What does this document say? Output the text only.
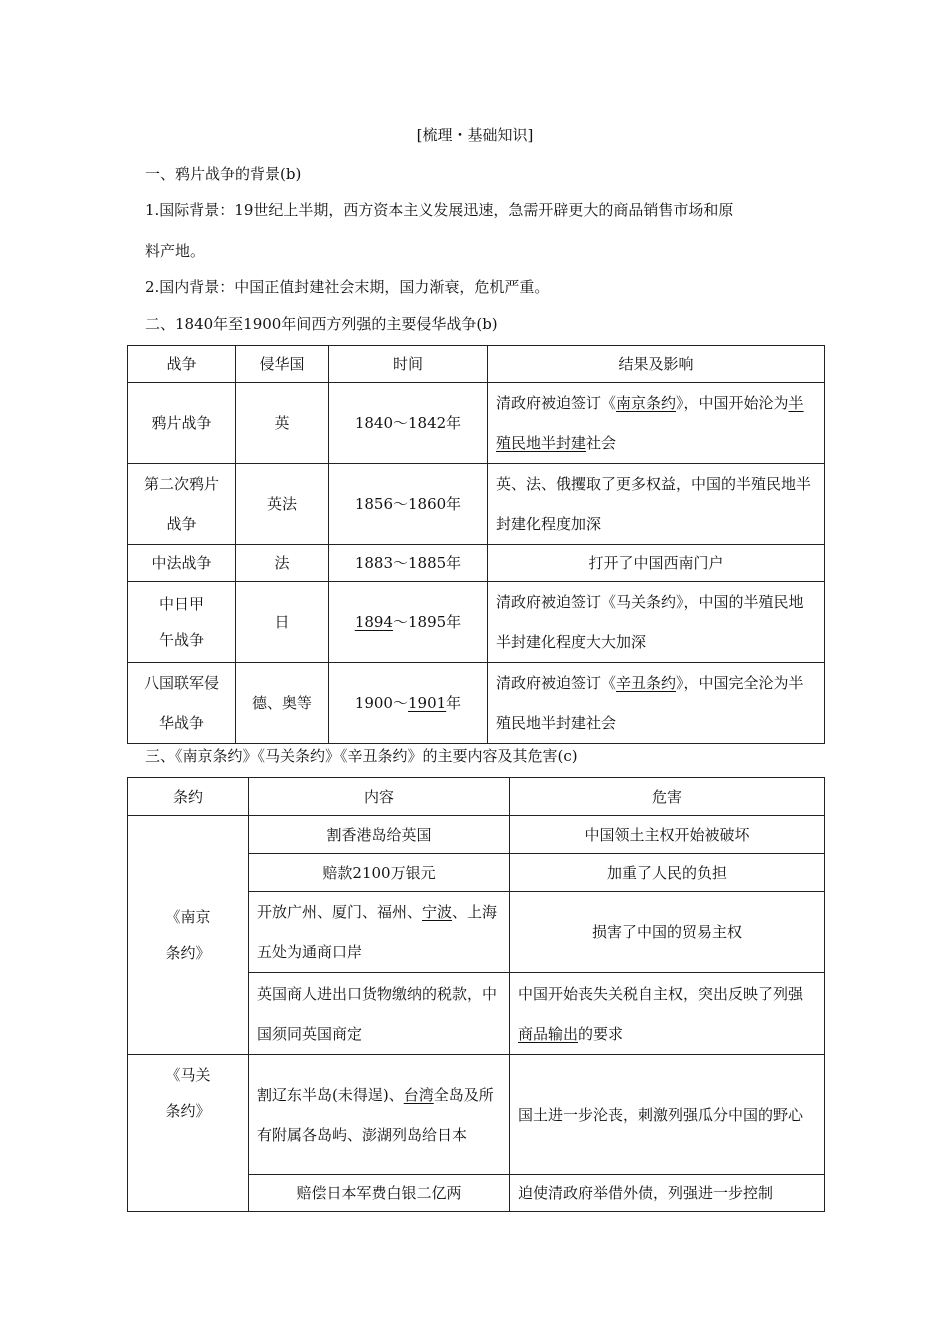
[梳理・基础知识]
一、鸦片战争的背景(b)
1.国际背景：19世纪上半期，西方资本主义发展迅速，急需开辟更大的商品销售市场和原
料产地。
2.国内背景：中国正值封建社会末期，国力渐衰，危机严重。
二、1840年至1900年间西方列强的主要侵华战争(b)
战争	侵华国	时间	结果及影响
鸦片战争	英	1840～1842年	清政府被迫签订《南京条约》，中国开始沦为半殖民地半封建社会
第二次鸦片
战争	英法	1856～1860年	英、法、俄攫取了更多权益，中国的半殖民地半封建化程度加深
中法战争	法	1883～1885年	打开了中国西南门户
中日甲
午战争	日	1894～1895年	清政府被迫签订《马关条约》，中国的半殖民地半封建化程度大大加深
八国联军侵
华战争	德、奥等	1900～1901年	清政府被迫签订《辛丑条约》，中国完全沦为半殖民地半封建社会
三、《南京条约》《马关条约》《辛丑条约》的主要内容及其危害(c)
条约	内容	危害
《南京
条约》	割香港岛给英国	中国领土主权开始被破坏
	赔款2100万银元	加重了人民的负担
	开放广州、厦门、福州、宁波、上海五处为通商口岸	损害了中国的贸易主权
	英国商人进出口货物缴纳的税款，中国须同英国商定	中国开始丧失关税自主权，突出反映了列强商品输出的要求
《马关
条约》	割辽东半岛(未得逞)、台湾全岛及所有附属各岛屿、澎湖列岛给日本	国土进一步沦丧，刺激列强瓜分中国的野心
	赔偿日本军费白银二亿两	迫使清政府举借外债，列强进一步控制
